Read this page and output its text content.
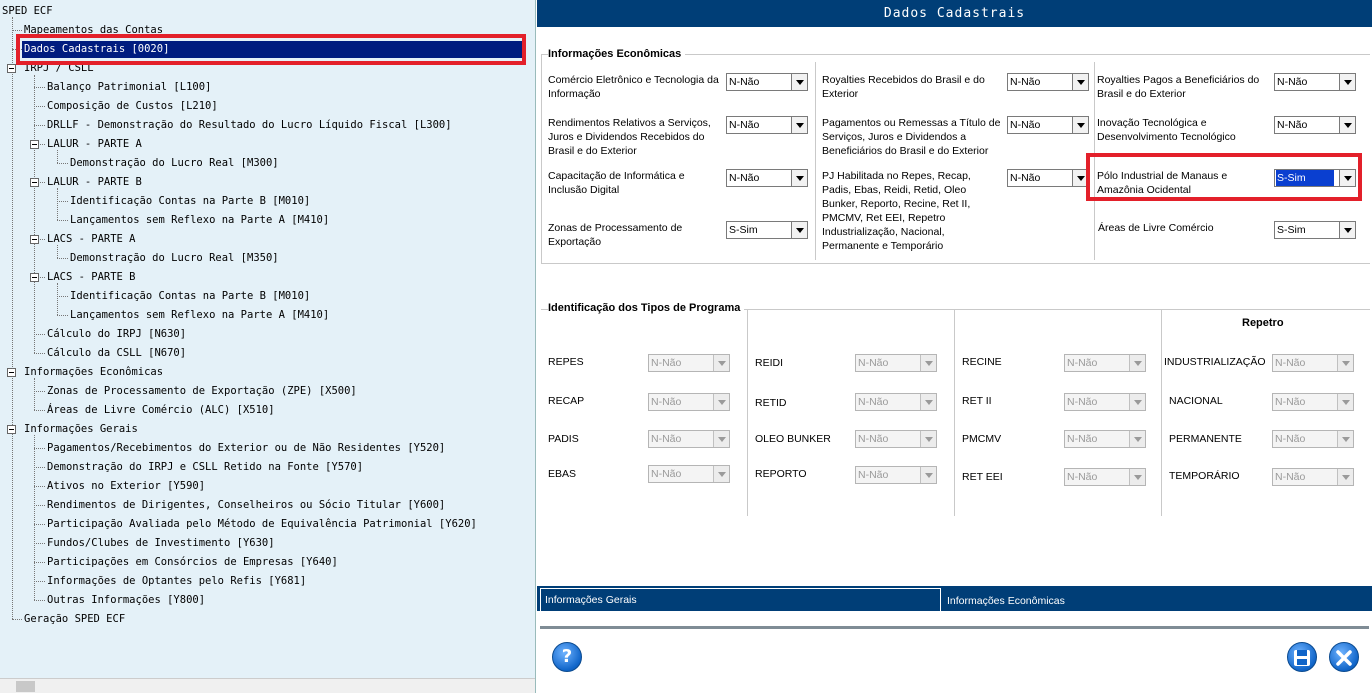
SPED ECF
Mapeamentos das Contas
Dados Cadastrais [0020]
IRPJ / CSLL
Balanço Patrimonial [L100]
Composição de Custos [L210]
DRLLF - Demonstração do Resultado do Lucro Líquido Fiscal [L300]
LALUR - PARTE A
Demonstração do Lucro Real [M300]
LALUR - PARTE B
Identificação Contas na Parte B [M010]
Lançamentos sem Reflexo na Parte A [M410]
LACS - PARTE A
Demonstração do Lucro Real [M350]
LACS - PARTE B
Identificação Contas na Parte B [M010]
Lançamentos sem Reflexo na Parte A [M410]
Cálculo do IRPJ [N630]
Cálculo da CSLL [N670]
Informações Econômicas
Zonas de Processamento de Exportação (ZPE) [X500]
Áreas de Livre Comércio (ALC) [X510]
Informações Gerais
Pagamentos/Recebimentos do Exterior ou de Não Residentes [Y520]
Demonstração do IRPJ e CSLL Retido na Fonte [Y570]
Ativos no Exterior [Y590]
Rendimentos de Dirigentes, Conselheiros ou Sócio Titular [Y600]
Participação Avaliada pelo Método de Equivalência Patrimonial [Y620]
Fundos/Clubes de Investimento [Y630]
Participações em Consórcios de Empresas [Y640]
Informações de Optantes pelo Refis [Y681]
Outras Informações [Y800]
Geração SPED ECF
Dados Cadastrais
Informações Econômicas
Comércio Eletrônico e Tecnologia da Informação
N-Não
Rendimentos Relativos a Serviços, Juros e Dividendos Recebidos do Brasil e do Exterior
N-Não
Capacitação de Informática e Inclusão Digital
N-Não
Zonas de Processamento de Exportação
S-Sim
Royalties Recebidos do Brasil e do Exterior
N-Não
Pagamentos ou Remessas a Título de Serviços, Juros e Dividendos a Beneficiários do Brasil e do Exterior
N-Não
PJ Habilitada no Repes, Recap, Padis, Ebas, Reidi, Retid, Oleo Bunker, Reporto, Recine, Ret II, PMCMV, Ret EEI, Repetro Industrialização, Nacional, Permanente e Temporário
N-Não
Royalties Pagos a Beneficiários do Brasil e do Exterior
N-Não
Inovação Tecnológica e Desenvolvimento Tecnológico
N-Não
Pólo Industrial de Manaus e Amazônia Ocidental
S-Sim
Áreas de Livre Comércio	S-Sim
Identificação dos Tipos de Programa
Repetro
REPES	N-Não
RECAP	N-Não
PADIS	N-Não
EBAS	N-Não
REIDI	N-Não
RETID	N-Não
OLEO BUNKER	N-Não
REPORTO	N-Não
RECINE	N-Não
RET II	N-Não
PMCMV	N-Não
RET EEI	N-Não
INDUSTRIALIZAÇÃO N-Não
NACIONAL	N-Não
PERMANENTE	N-Não
TEMPORÁRIO	N-Não
Informações Gerais	Informações Econômicas
?
